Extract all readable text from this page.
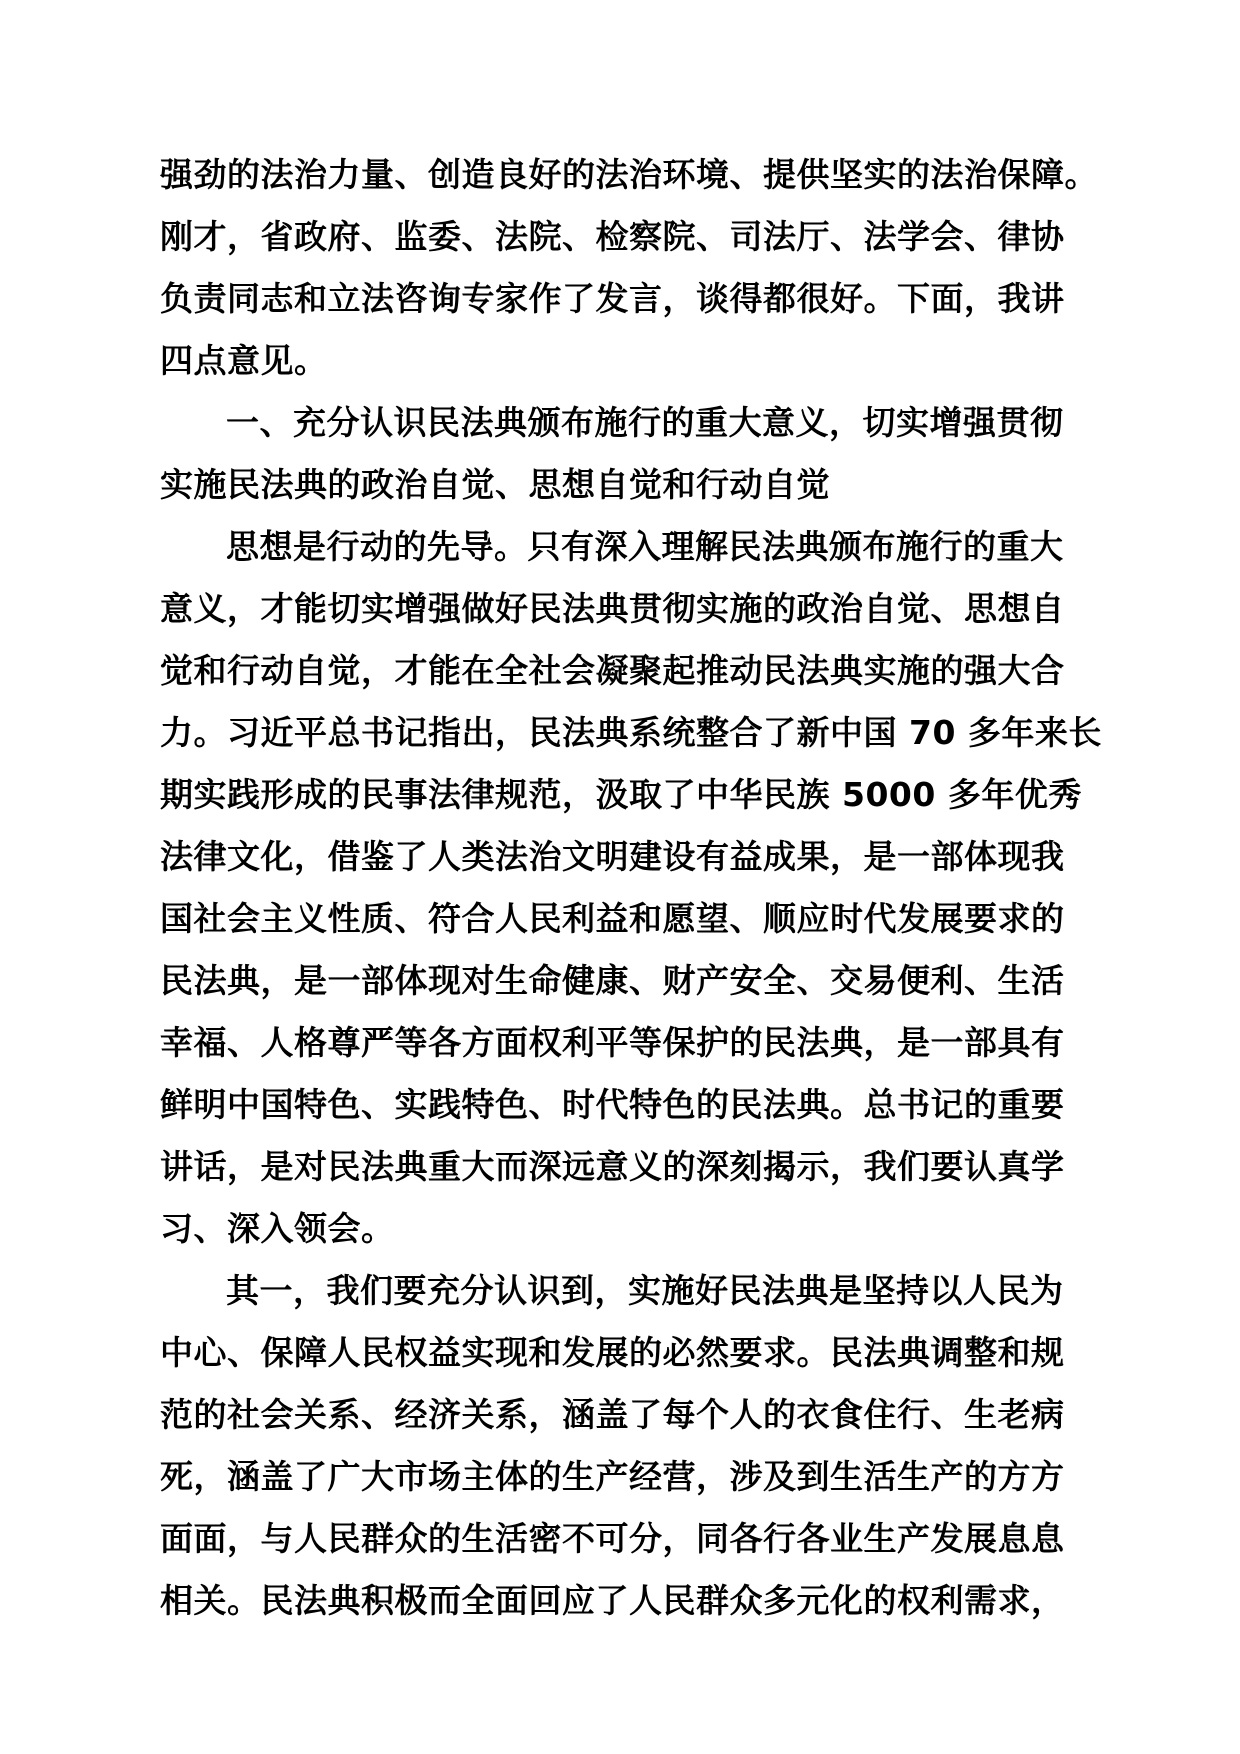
强劲的法治力量、创造良好的法治环境、提供坚实的法治保障。
刚才，省政府、监委、法院、检察院、司法厅、法学会、律协
负责同志和立法咨询专家作了发言，谈得都很好。下面，我讲
四点意见。
一、充分认识民法典颁布施行的重大意义，切实增强贯彻
实施民法典的政治自觉、思想自觉和行动自觉
思想是行动的先导。只有深入理解民法典颁布施行的重大
意义，才能切实增强做好民法典贯彻实施的政治自觉、思想自
觉和行动自觉，才能在全社会凝聚起推动民法典实施的强大合
力。习近平总书记指出，民法典系统整合了新中国 70 多年来长
期实践形成的民事法律规范，汲取了中华民族 5000 多年优秀
法律文化，借鉴了人类法治文明建设有益成果，是一部体现我
国社会主义性质、符合人民利益和愿望、顺应时代发展要求的
民法典，是一部体现对生命健康、财产安全、交易便利、生活
幸福、人格尊严等各方面权利平等保护的民法典，是一部具有
鲜明中国特色、实践特色、时代特色的民法典。总书记的重要
讲话，是对民法典重大而深远意义的深刻揭示，我们要认真学
习、深入领会。
其一，我们要充分认识到，实施好民法典是坚持以人民为
中心、保障人民权益实现和发展的必然要求。民法典调整和规
范的社会关系、经济关系，涵盖了每个人的衣食住行、生老病
死，涵盖了广大市场主体的生产经营，涉及到生活生产的方方
面面，与人民群众的生活密不可分，同各行各业生产发展息息
相关。民法典积极而全面回应了人民群众多元化的权利需求，
